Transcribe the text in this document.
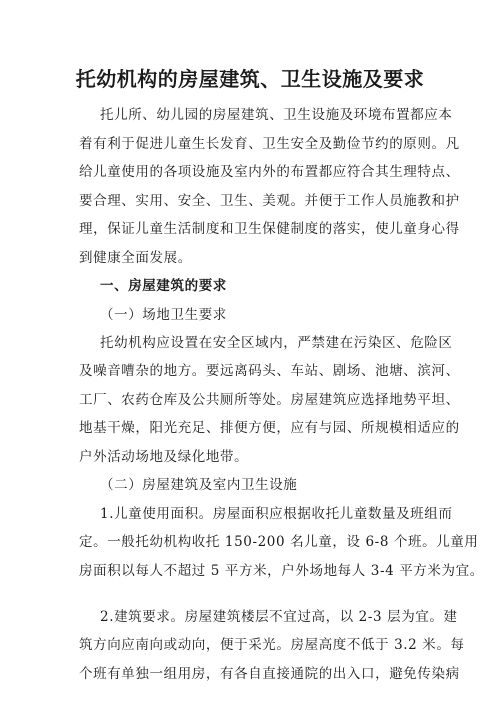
托幼机构的房屋建筑、卫生设施及要求
托儿所、幼儿园的房屋建筑、卫生设施及环境布置都应本
着有利于促进儿童生长发育、卫生安全及勤俭节约的原则。凡
给儿童使用的各项设施及室内外的布置都应符合其生理特点、
要合理、实用、安全、卫生、美观。并便于工作人员施教和护
理，保证儿童生活制度和卫生保健制度的落实，使儿童身心得
到健康全面发展。
一、房屋建筑的要求
（一）场地卫生要求
托幼机构应设置在安全区域内，严禁建在污染区、危险区
及噪音嘈杂的地方。要远离码头、车站、剧场、池塘、滨河、
工厂、农药仓库及公共厕所等处。房屋建筑应选择地势平坦、
地基干燥，阳光充足、排便方便，应有与园、所规模相适应的
户外活动场地及绿化地带。
（二）房屋建筑及室内卫生设施
1.儿童使用面积。房屋面积应根据收托儿童数量及班组而
定。一般托幼机构收托 150-200 名儿童，设 6-8 个班。儿童用
房面积以每人不超过 5 平方米，户外场地每人 3-4 平方米为宜。
2.建筑要求。房屋建筑楼层不宜过高，以 2-3 层为宜。建
筑方向应南向或动向，便于采光。房屋高度不低于 3.2 米。每
个班有单独一组用房，有各自直接通院的出入口，避免传染病
